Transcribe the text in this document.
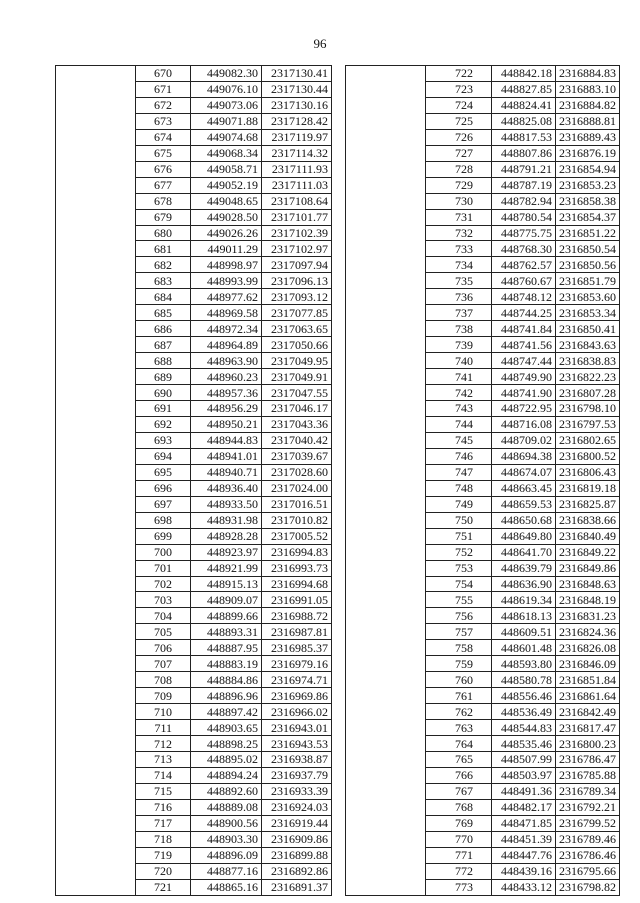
96
	670	449082.30	2317130.41
	671	449076.10	2317130.44
	672	449073.06	2317130.16
	673	449071.88	2317128.42
	674	449074.68	2317119.97
	675	449068.34	2317114.32
	676	449058.71	2317111.93
	677	449052.19	2317111.03
	678	449048.65	2317108.64
	679	449028.50	2317101.77
	680	449026.26	2317102.39
	681	449011.29	2317102.97
	682	448998.97	2317097.94
	683	448993.99	2317096.13
	684	448977.62	2317093.12
	685	448969.58	2317077.85
	686	448972.34	2317063.65
	687	448964.89	2317050.66
	688	448963.90	2317049.95
	689	448960.23	2317049.91
	690	448957.36	2317047.55
	691	448956.29	2317046.17
	692	448950.21	2317043.36
	693	448944.83	2317040.42
	694	448941.01	2317039.67
	695	448940.71	2317028.60
	696	448936.40	2317024.00
	697	448933.50	2317016.51
	698	448931.98	2317010.82
	699	448928.28	2317005.52
	700	448923.97	2316994.83
	701	448921.99	2316993.73
	702	448915.13	2316994.68
	703	448909.07	2316991.05
	704	448899.66	2316988.72
	705	448893.31	2316987.81
	706	448887.95	2316985.37
	707	448883.19	2316979.16
	708	448884.86	2316974.71
	709	448896.96	2316969.86
	710	448897.42	2316966.02
	711	448903.65	2316943.01
	712	448898.25	2316943.53
	713	448895.02	2316938.87
	714	448894.24	2316937.79
	715	448892.60	2316933.39
	716	448889.08	2316924.03
	717	448900.56	2316919.44
	718	448903.30	2316909.86
	719	448896.09	2316899.88
	720	448877.16	2316892.86
	721	448865.16	2316891.37
	722	448842.18	2316884.83
	723	448827.85	2316883.10
	724	448824.41	2316884.82
	725	448825.08	2316888.81
	726	448817.53	2316889.43
	727	448807.86	2316876.19
	728	448791.21	2316854.94
	729	448787.19	2316853.23
	730	448782.94	2316858.38
	731	448780.54	2316854.37
	732	448775.75	2316851.22
	733	448768.30	2316850.54
	734	448762.57	2316850.56
	735	448760.67	2316851.79
	736	448748.12	2316853.60
	737	448744.25	2316853.34
	738	448741.84	2316850.41
	739	448741.56	2316843.63
	740	448747.44	2316838.83
	741	448749.90	2316822.23
	742	448741.90	2316807.28
	743	448722.95	2316798.10
	744	448716.08	2316797.53
	745	448709.02	2316802.65
	746	448694.38	2316800.52
	747	448674.07	2316806.43
	748	448663.45	2316819.18
	749	448659.53	2316825.87
	750	448650.68	2316838.66
	751	448649.80	2316840.49
	752	448641.70	2316849.22
	753	448639.79	2316849.86
	754	448636.90	2316848.63
	755	448619.34	2316848.19
	756	448618.13	2316831.23
	757	448609.51	2316824.36
	758	448601.48	2316826.08
	759	448593.80	2316846.09
	760	448580.78	2316851.84
	761	448556.46	2316861.64
	762	448536.49	2316842.49
	763	448544.83	2316817.47
	764	448535.46	2316800.23
	765	448507.99	2316786.47
	766	448503.97	2316785.88
	767	448491.36	2316789.34
	768	448482.17	2316792.21
	769	448471.85	2316799.52
	770	448451.39	2316789.46
	771	448447.76	2316786.46
	772	448439.16	2316795.66
	773	448433.12	2316798.82
